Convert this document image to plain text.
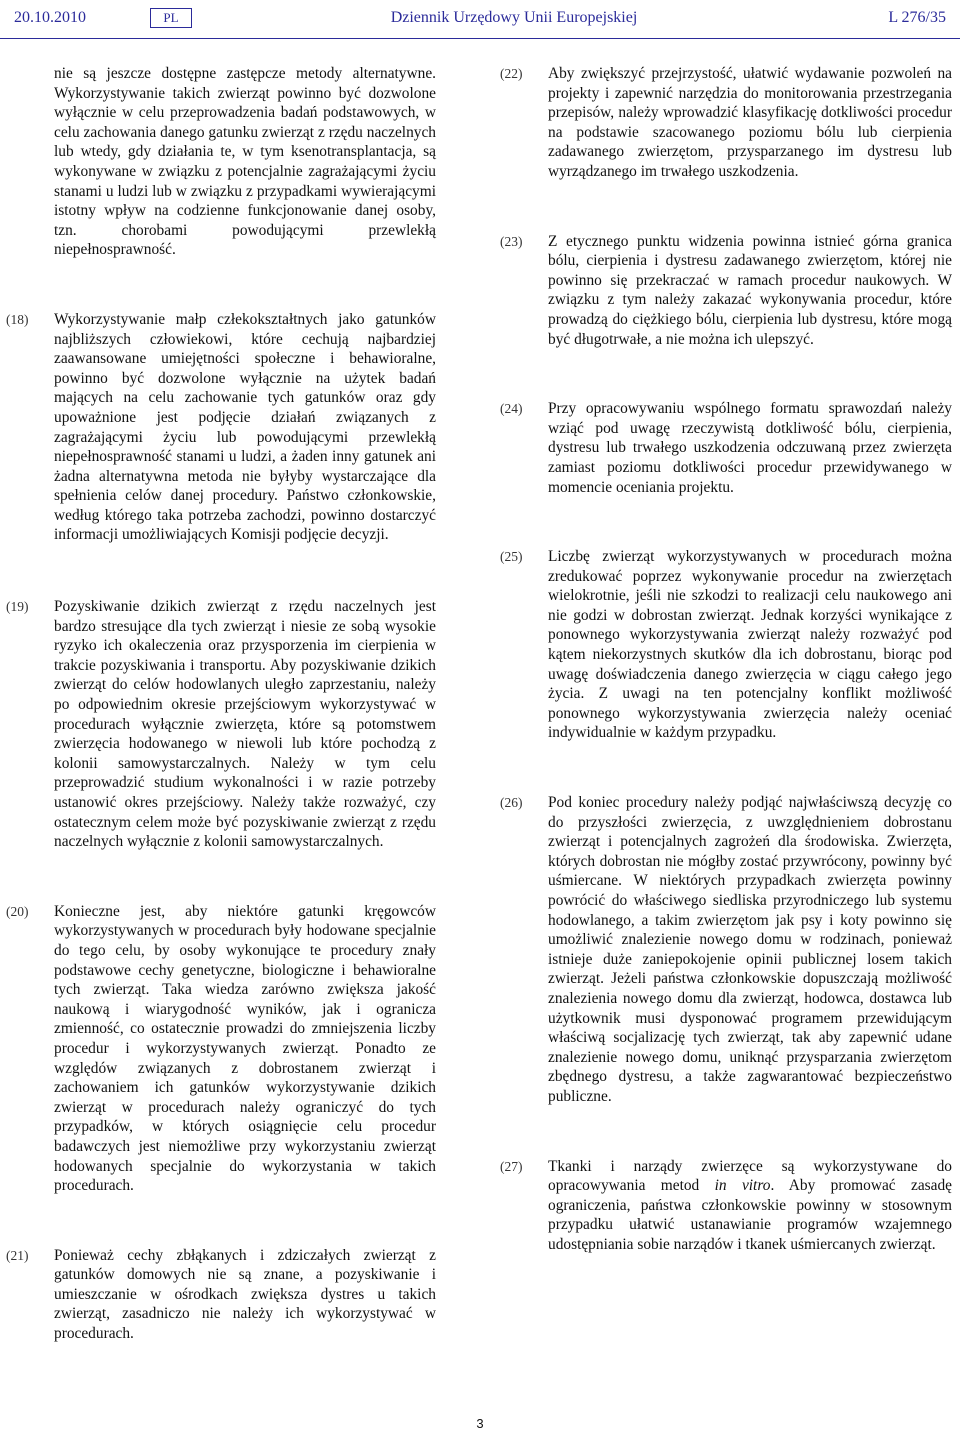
20.10.2010	PL	Dziennik Urzędowy Unii Europejskiej	L 276/35
nie są jeszcze dostępne zastępcze metody alternatywne. Wykorzystywanie takich zwierząt powinno być dozwolone wyłącznie w celu przeprowadzenia badań podstawowych, w celu zachowania danego gatunku zwierząt z rzędu naczelnych lub wtedy, gdy działania te, w tym ksenotransplantacja, są wykonywane w związku z potencjalnie zagrażającymi życiu stanami u ludzi lub w związku z przypadkami wywierającymi istotny wpływ na codzienne funkcjonowanie danej osoby, tzn. chorobami powodującymi przewlekłą niepełnosprawność.
(18)	Wykorzystywanie małp człekokształtnych jako gatunków najbliższych człowiekowi, które cechują najbardziej zaawansowane umiejętności społeczne i behawioralne, powinno być dozwolone wyłącznie na użytek badań mających na celu zachowanie tych gatunków oraz gdy upoważnione jest podjęcie działań związanych z zagrażającymi życiu lub powodującymi przewlekłą niepełnosprawność stanami u ludzi, a żaden inny gatunek ani żadna alternatywna metoda nie byłyby wystarczające dla spełnienia celów danej procedury. Państwo członkowskie, według którego taka potrzeba zachodzi, powinno dostarczyć informacji umożliwiających Komisji podjęcie decyzji.
(19)	Pozyskiwanie dzikich zwierząt z rzędu naczelnych jest bardzo stresujące dla tych zwierząt i niesie ze sobą wysokie ryzyko ich okaleczenia oraz przysporzenia im cierpienia w trakcie pozyskiwania i transportu. Aby pozyskiwanie dzikich zwierząt do celów hodowlanych uległo zaprzestaniu, należy po odpowiednim okresie przejściowym wykorzystywać w procedurach wyłącznie zwierzęta, które są potomstwem zwierzęcia hodowanego w niewoli lub które pochodzą z kolonii samowystarczalnych. Należy w tym celu przeprowadzić studium wykonalności i w razie potrzeby ustanowić okres przejściowy. Należy także rozważyć, czy ostatecznym celem może być pozyskiwanie zwierząt z rzędu naczelnych wyłącznie z kolonii samowystarczalnych.
(20)	Konieczne jest, aby niektóre gatunki kręgowców wykorzystywanych w procedurach były hodowane specjalnie do tego celu, by osoby wykonujące te procedury znały podstawowe cechy genetyczne, biologiczne i behawioralne tych zwierząt. Taka wiedza zarówno zwiększa jakość naukową i wiarygodność wyników, jak i ogranicza zmienność, co ostatecznie prowadzi do zmniejszenia liczby procedur i wykorzystywanych zwierząt. Ponadto ze względów związanych z dobrostanem zwierząt i zachowaniem ich gatunków wykorzystywanie dzikich zwierząt w procedurach należy ograniczyć do tych przypadków, w których osiągnięcie celu procedur badawczych jest niemożliwe przy wykorzystaniu zwierząt hodowanych specjalnie do wykorzystania w takich procedurach.
(21)	Ponieważ cechy zbłąkanych i zdziczałych zwierząt z gatunków domowych nie są znane, a pozyskiwanie i umieszczanie w ośrodkach zwiększa dystres u takich zwierząt, zasadniczo nie należy ich wykorzystywać w procedurach.
(22)	Aby zwiększyć przejrzystość, ułatwić wydawanie pozwoleń na projekty i zapewnić narzędzia do monitorowania przestrzegania przepisów, należy wprowadzić klasyfikację dotkliwości procedur na podstawie szacowanego poziomu bólu lub cierpienia zadawanego zwierzętom, przysparzanego im dystresu lub wyrządzanego im trwałego uszkodzenia.
(23)	Z etycznego punktu widzenia powinna istnieć górna granica bólu, cierpienia i dystresu zadawanego zwierzętom, której nie powinno się przekraczać w ramach procedur naukowych. W związku z tym należy zakazać wykonywania procedur, które prowadzą do ciężkiego bólu, cierpienia lub dystresu, które mogą być długotrwałe, a nie można ich ulepszyć.
(24)	Przy opracowywaniu wspólnego formatu sprawozdań należy wziąć pod uwagę rzeczywistą dotkliwość bólu, cierpienia, dystresu lub trwałego uszkodzenia odczuwaną przez zwierzęta zamiast poziomu dotkliwości procedur przewidywanego w momencie oceniania projektu.
(25)	Liczbę zwierząt wykorzystywanych w procedurach można zredukować poprzez wykonywanie procedur na zwierzętach wielokrotnie, jeśli nie szkodzi to realizacji celu naukowego ani nie godzi w dobrostan zwierząt. Jednak korzyści wynikające z ponownego wykorzystywania zwierząt należy rozważyć pod kątem niekorzystnych skutków dla ich dobrostanu, biorąc pod uwagę doświadczenia danego zwierzęcia w ciągu całego jego życia. Z uwagi na ten potencjalny konflikt możliwość ponownego wykorzystywania zwierzęcia należy oceniać indywidualnie w każdym przypadku.
(26)	Pod koniec procedury należy podjąć najwłaściwszą decyzję co do przyszłości zwierzęcia, z uwzględnieniem dobrostanu zwierząt i potencjalnych zagrożeń dla środowiska. Zwierzęta, których dobrostan nie mógłby zostać przywrócony, powinny być uśmiercane. W niektórych przypadkach zwierzęta powinny powrócić do właściwego siedliska przyrodniczego lub systemu hodowlanego, a takim zwierzętom jak psy i koty powinno się umożliwić znalezienie nowego domu w rodzinach, ponieważ istnieje duże zaniepokojenie opinii publicznej losem takich zwierząt. Jeżeli państwa członkowskie dopuszczają możliwość znalezienia nowego domu dla zwierząt, hodowca, dostawca lub użytkownik musi dysponować programem przewidującym właściwą socjalizację tych zwierząt, tak aby zapewnić udane znalezienie nowego domu, uniknąć przysparzania zwierzętom zbędnego dystresu, a także zagwarantować bezpieczeństwo publiczne.
(27)	Tkanki i narządy zwierzęce są wykorzystywane do opracowywania metod in vitro. Aby promować zasadę ograniczenia, państwa członkowskie powinny w stosownym przypadku ułatwić ustanawianie programów wzajemnego udostępniania sobie narządów i tkanek uśmiercanych zwierząt.
3
